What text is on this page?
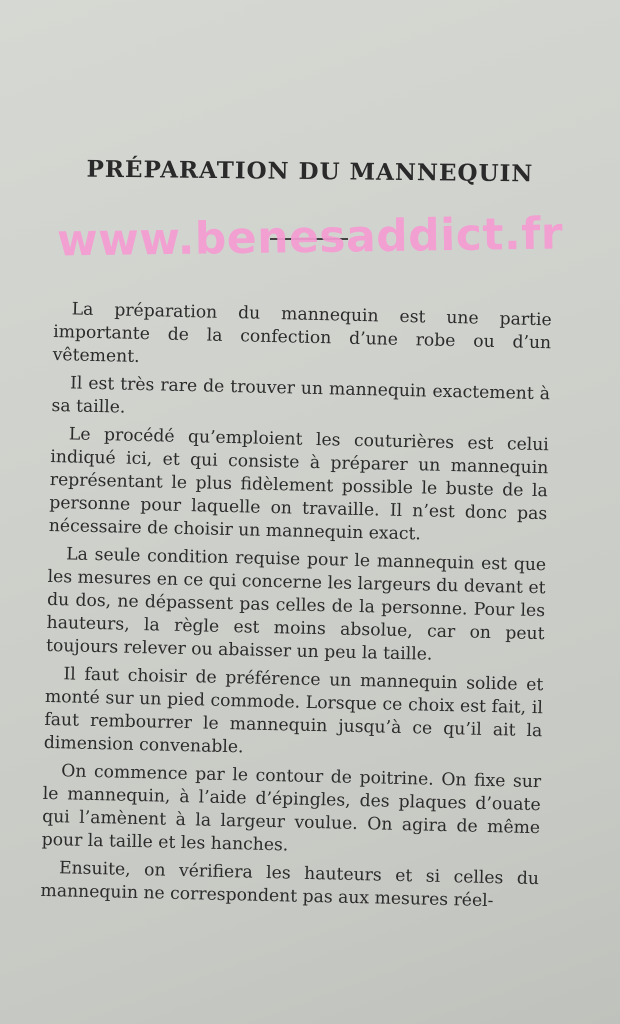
PRÉPARATION DU MANNEQUIN
www.benesaddict.fr

La préparation du mannequin est une partie importante de la confection d’une robe ou d’un vêtement.

Il est très rare de trouver un mannequin exactement à sa taille.

Le procédé qu’emploient les couturières est celui indiqué ici, et qui consiste à préparer un mannequin représentant le plus fidèlement possible le buste de la personne pour laquelle on travaille. Il n’est donc pas nécessaire de choisir un mannequin exact.

La seule condition requise pour le mannequin est que les mesures en ce qui concerne les largeurs du devant et du dos, ne dépassent pas celles de la personne. Pour les hauteurs, la règle est moins absolue, car on peut toujours relever ou abaisser un peu la taille.

Il faut choisir de préférence un mannequin solide et monté sur un pied commode. Lorsque ce choix est fait, il faut rembourrer le mannequin jusqu’à ce qu’il ait la dimension convenable.

On commence par le contour de poitrine. On fixe sur le mannequin, à l’aide d’épingles, des plaques d’ouate qui l’amènent à la largeur voulue. On agira de même pour la taille et les hanches.

Ensuite, on vérifiera les hauteurs et si celles du mannequin ne correspondent pas aux mesures réel-
